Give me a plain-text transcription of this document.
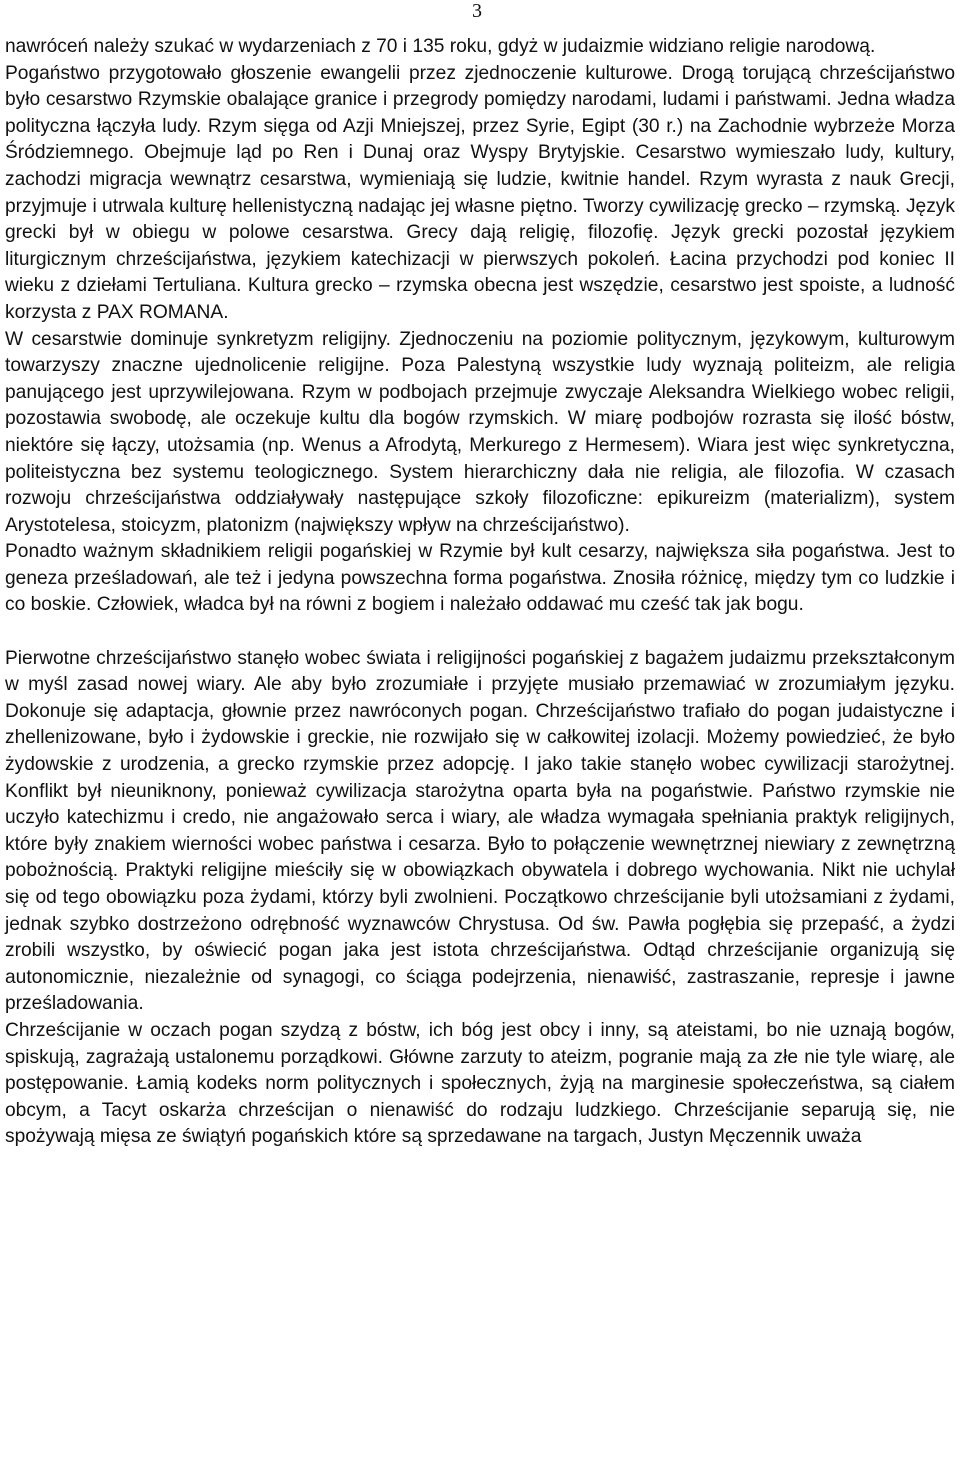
3

nawróceń należy szukać w wydarzeniach z 70 i 135 roku, gdyż w judaizmie widziano religie narodową.

Pogaństwo przygotowało głoszenie ewangelii przez zjednoczenie kulturowe. Drogą torującą chrześcijaństwo było cesarstwo Rzymskie obalające granice i przegrody pomiędzy narodami, ludami i państwami. Jedna władza polityczna łączyła ludy. Rzym sięga od Azji Mniejszej, przez Syrie, Egipt (30 r.) na Zachodnie wybrzeże Morza Śródziemnego. Obejmuje ląd po Ren i Dunaj oraz Wyspy Brytyjskie. Cesarstwo wymieszało ludy, kultury, zachodzi migracja wewnątrz cesarstwa, wymieniają się ludzie, kwitnie handel. Rzym wyrasta z nauk Grecji, przyjmuje i utrwala kulturę hellenistyczną nadając jej własne piętno. Tworzy cywilizację grecko – rzymską. Język grecki był w obiegu w polowe cesarstwa. Grecy dają religię, filozofię. Język grecki pozostał językiem liturgicznym chrześcijaństwa, językiem katechizacji w pierwszych pokoleń. Łacina przychodzi pod koniec II wieku z dziełami Tertuliana. Kultura grecko – rzymska obecna jest wszędzie, cesarstwo jest spoiste, a ludność korzysta z PAX ROMANA.

W cesarstwie dominuje synkretyzm religijny. Zjednoczeniu na poziomie politycznym, językowym, kulturowym towarzyszy znaczne ujednolicenie religijne. Poza Palestyną wszystkie ludy wyznają politeizm, ale religia panującego jest uprzywilejowana. Rzym w podbojach przejmuje zwyczaje Aleksandra Wielkiego wobec religii, pozostawia swobodę, ale oczekuje kultu dla bogów rzymskich. W miarę podbojów rozrasta się ilość bóstw, niektóre się łączy, utożsamia (np. Wenus a Afrodytą, Merkurego z Hermesem). Wiara jest więc synkretyczna, politeistyczna bez systemu teologicznego. System hierarchiczny dała nie religia, ale filozofia. W czasach rozwoju chrześcijaństwa oddziaływały następujące szkoły filozoficzne: epikureizm (materializm), system Arystotelesa, stoicyzm, platonizm (największy wpływ na chrześcijaństwo).

Ponadto ważnym składnikiem religii pogańskiej w Rzymie był kult cesarzy, największa siła pogaństwa. Jest to geneza prześladowań, ale też i jedyna powszechna forma pogaństwa. Znosiła różnicę, między tym co ludzkie i co boskie. Człowiek, władca był na równi z bogiem i należało oddawać mu cześć tak jak bogu.

Pierwotne chrześcijaństwo stanęło wobec świata i religijności pogańskiej z bagażem judaizmu przekształconym w myśl zasad nowej wiary. Ale aby było zrozumiałe i przyjęte musiało przemawiać w zrozumiałym języku. Dokonuje się adaptacja, głownie przez nawróconych pogan. Chrześcijaństwo trafiało do pogan judaistyczne i zhellenizowane, było i żydowskie i greckie, nie rozwijało się w całkowitej izolacji. Możemy powiedzieć, że było żydowskie z urodzenia, a grecko rzymskie przez adopcję. I jako takie stanęło wobec cywilizacji starożytnej. Konflikt był nieuniknony, ponieważ cywilizacja starożytna oparta była na pogaństwie. Państwo rzymskie nie uczyło katechizmu i credo, nie angażowało serca i wiary, ale władza wymagała spełniania praktyk religijnych, które były znakiem wierności wobec państwa i cesarza. Było to połączenie wewnętrznej niewiary z zewnętrzną pobożnością. Praktyki religijne mieściły się w obowiązkach obywatela i dobrego wychowania. Nikt nie uchylał się od tego obowiązku poza żydami, którzy byli zwolnieni. Początkowo chrześcijanie byli utożsamiani z żydami, jednak szybko dostrzeżono odrębność wyznawców Chrystusa. Od św. Pawła pogłębia się przepaść, a żydzi zrobili wszystko, by oświecić pogan jaka jest istota chrześcijaństwa. Odtąd chrześcijanie organizują się autonomicznie, niezależnie od synagogi, co ściąga podejrzenia, nienawiść, zastraszanie, represje i jawne prześladowania.

Chrześcijanie w oczach pogan szydzą z bóstw, ich bóg jest obcy i inny, są ateistami, bo nie uznają bogów, spiskują, zagrażają ustalonemu porządkowi. Główne zarzuty to ateizm, pogranie mają za złe nie tyle wiarę, ale postępowanie. Łamią kodeks norm politycznych i społecznych, żyją na marginesie społeczeństwa, są ciałem obcym, a Tacyt oskarża chrześcijan o nienawiść do rodzaju ludzkiego. Chrześcijanie separują się, nie spożywają mięsa ze świątyń pogańskich które są sprzedawane na targach, Justyn Męczennik uważa
